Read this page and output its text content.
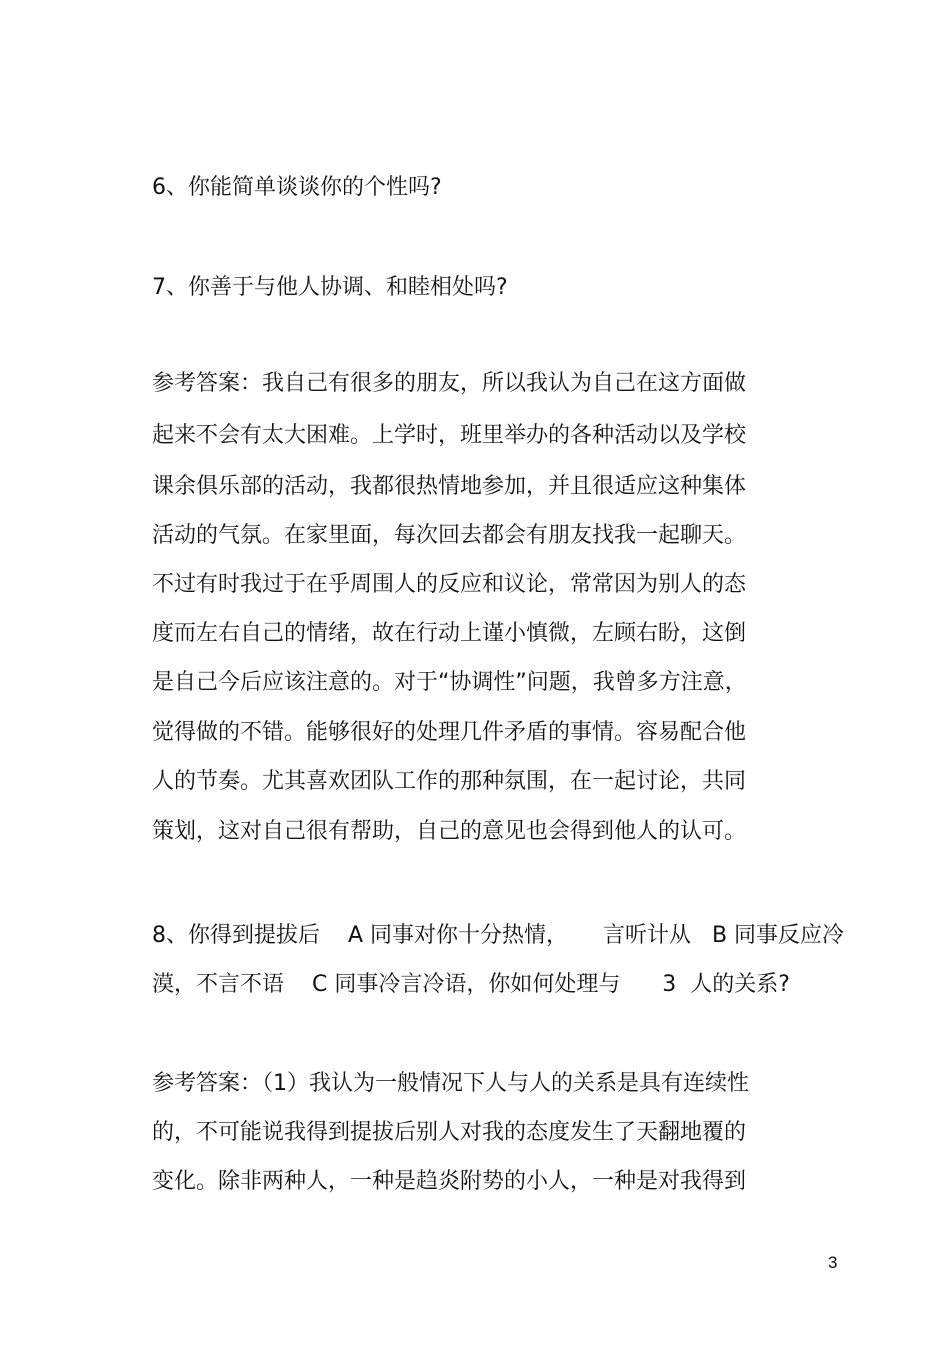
6、你能简单谈谈你的个性吗?
7、你善于与他人协调、和睦相处吗?
参考答案：我自己有很多的朋友，所以我认为自己在这方面做
起来不会有太大困难。上学时，班里举办的各种活动以及学校
课余俱乐部的活动，我都很热情地参加，并且很适应这种集体
活动的气氛。在家里面，每次回去都会有朋友找我一起聊天。
不过有时我过于在乎周围人的反应和议论，常常因为别人的态
度而左右自己的情绪，故在行动上谨小慎微，左顾右盼，这倒
是自己今后应该注意的。对于“协调性”问题，我曾多方注意，
觉得做的不错。能够很好的处理几件矛盾的事情。容易配合他
人的节奏。尤其喜欢团队工作的那种氛围，在一起讨论，共同
策划，这对自己很有帮助，自己的意见也会得到他人的认可。
8、你得到提拔后    A 同事对你十分热情，     言听计从   B 同事反应冷
漠，不言不语    C 同事冷言冷语，你如何处理与      3  人的关系?
参考答案：（1）我认为一般情况下人与人的关系是具有连续性
的，不可能说我得到提拔后别人对我的态度发生了天翻地覆的
变化。除非两种人，一种是趋炎附势的小人，一种是对我得到
3
